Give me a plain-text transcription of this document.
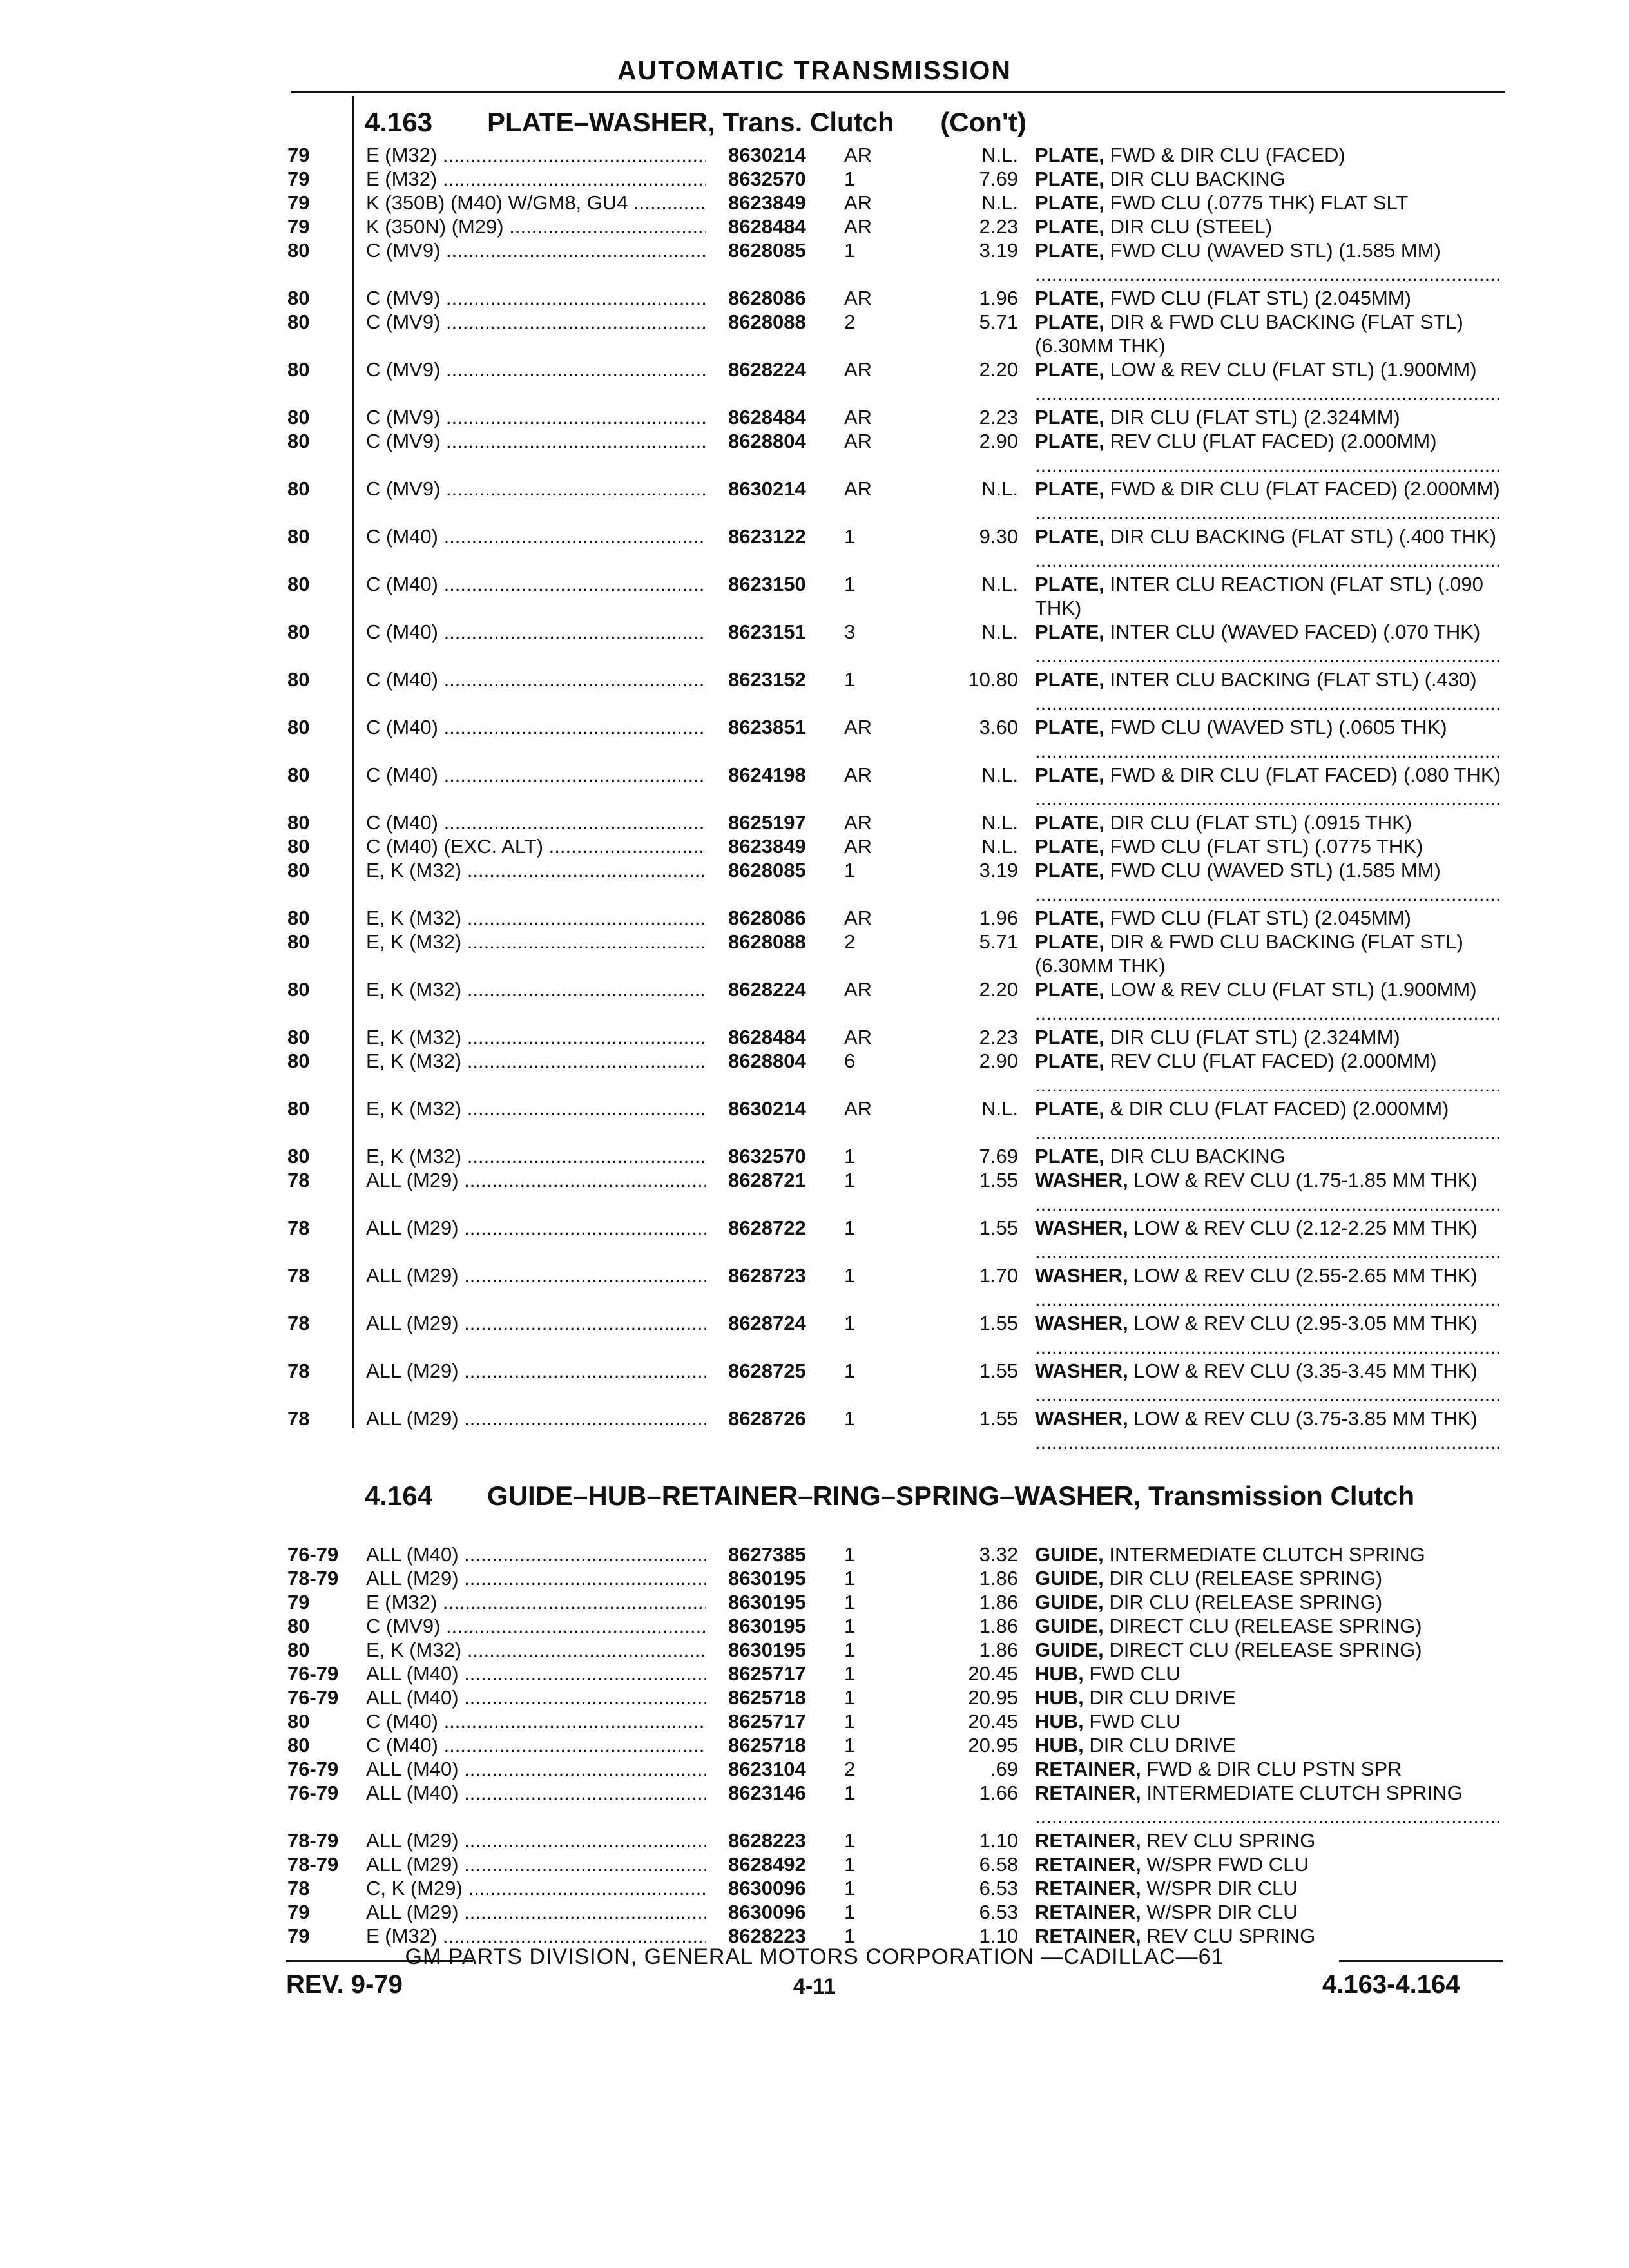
AUTOMATIC TRANSMISSION
4.163 PLATE–WASHER, Trans. Clutch (Con't)
79	E (M32) .....	8630214 AR	N.L. PLATE, FWD & DIR CLU (FACED) .....
79	E (M32) .....	8632570 1	7.69 PLATE, DIR CLU BACKING .....
79	K (350B) (M40) W/GM8, GU4 .....	8623849 AR	N.L. PLATE, FWD CLU (.0775 THK) FLAT SLT .....
79	K (350N) (M29) .....	8628484 AR	2.23 PLATE, DIR CLU (STEEL) .....
80	C (MV9) .....	8628085 1	3.19 PLATE, FWD CLU (WAVED STL) (1.585 MM) .....
80	C (MV9) .....	8628086 AR	1.96 PLATE, FWD CLU (FLAT STL) (2.045MM) .....
80	C (MV9) .....	8628088 2	5.71 PLATE, DIR & FWD CLU BACKING (FLAT STL) (6.30MM THK) .....
80	C (MV9) .....	8628224 AR	2.20 PLATE, LOW & REV CLU (FLAT STL) (1.900MM) .....
80	C (MV9) .....	8628484 AR	2.23 PLATE, DIR CLU (FLAT STL) (2.324MM) .....
80	C (MV9) .....	8628804 AR	2.90 PLATE, REV CLU (FLAT FACED) (2.000MM) .....
80	C (MV9) .....	8630214 AR	N.L. PLATE, FWD & DIR CLU (FLAT FACED) (2.000MM) .....
80	C (M40) .....	8623122 1	9.30 PLATE, DIR CLU BACKING (FLAT STL) (.400 THK) .....
80	C (M40) .....	8623150 1	N.L. PLATE, INTER CLU REACTION (FLAT STL) (.090 THK) .....
80	C (M40) .....	8623151 3	N.L. PLATE, INTER CLU (WAVED FACED) (.070 THK) .....
80	C (M40) .....	8623152 1	10.80 PLATE, INTER CLU BACKING (FLAT STL) (.430) .....
80	C (M40) .....	8623851 AR	3.60 PLATE, FWD CLU (WAVED STL) (.0605 THK) .....
80	C (M40) .....	8624198 AR	N.L. PLATE, FWD & DIR CLU (FLAT FACED) (.080 THK) .....
80	C (M40) .....	8625197 AR	N.L. PLATE, DIR CLU (FLAT STL) (.0915 THK) .....
80	C (M40) (EXC. ALT) .....	8623849 AR	N.L. PLATE, FWD CLU (FLAT STL) (.0775 THK) .....
80	E, K (M32) .....	8628085 1	3.19 PLATE, FWD CLU (WAVED STL) (1.585 MM) .....
80	E, K (M32) .....	8628086 AR	1.96 PLATE, FWD CLU (FLAT STL) (2.045MM) .....
80	E, K (M32) .....	8628088 2	5.71 PLATE, DIR & FWD CLU BACKING (FLAT STL) (6.30MM THK) .....
80	E, K (M32) .....	8628224 AR	2.20 PLATE, LOW & REV CLU (FLAT STL) (1.900MM) .....
80	E, K (M32) .....	8628484 AR	2.23 PLATE, DIR CLU (FLAT STL) (2.324MM) .....
80	E, K (M32) .....	8628804 6	2.90 PLATE, REV CLU (FLAT FACED) (2.000MM) .....
80	E, K (M32) .....	8630214 AR	N.L. PLATE, & DIR CLU (FLAT FACED) (2.000MM) .....
80	E, K (M32) .....	8632570 1	7.69 PLATE, DIR CLU BACKING .....
78	ALL (M29) .....	8628721 1	1.55 WASHER, LOW & REV CLU (1.75-1.85 MM THK) .....
78	ALL (M29) .....	8628722 1	1.55 WASHER, LOW & REV CLU (2.12-2.25 MM THK) .....
78	ALL (M29) .....	8628723 1	1.70 WASHER, LOW & REV CLU (2.55-2.65 MM THK) .....
78	ALL (M29) .....	8628724 1	1.55 WASHER, LOW & REV CLU (2.95-3.05 MM THK) .....
78	ALL (M29) .....	8628725 1	1.55 WASHER, LOW & REV CLU (3.35-3.45 MM THK) .....
78	ALL (M29) .....	8628726 1	1.55 WASHER, LOW & REV CLU (3.75-3.85 MM THK) .....
4.164 GUIDE–HUB–RETAINER–RING–SPRING–WASHER, Transmission Clutch
76-79 ALL (M40) .....	8627385 1	3.32 GUIDE, INTERMEDIATE CLUTCH SPRING .....
78-79 ALL (M29) .....	8630195 1	1.86 GUIDE, DIR CLU (RELEASE SPRING) .....
79	E (M32) .....	8630195 1	1.86 GUIDE, DIR CLU (RELEASE SPRING) .....
80	C (MV9) .....	8630195 1	1.86 GUIDE, DIRECT CLU (RELEASE SPRING) .....
80	E, K (M32) .....	8630195 1	1.86 GUIDE, DIRECT CLU (RELEASE SPRING) .....
76-79 ALL (M40) .....	8625717 1	20.45 HUB, FWD CLU .....
76-79 ALL (M40) .....	8625718 1	20.95 HUB, DIR CLU DRIVE .....
80	C (M40) .....	8625717 1	20.45 HUB, FWD CLU .....
80	C (M40) .....	8625718 1	20.95 HUB, DIR CLU DRIVE .....
76-79 ALL (M40) .....	8623104 2	.69 RETAINER, FWD & DIR CLU PSTN SPR .....
76-79 ALL (M40) .....	8623146 1	1.66 RETAINER, INTERMEDIATE CLUTCH SPRING .....
78-79 ALL (M29) .....	8628223 1	1.10 RETAINER, REV CLU SPRING .....
78-79 ALL (M29) .....	8628492 1	6.58 RETAINER, W/SPR FWD CLU .....
78	C, K (M29) .....	8630096 1	6.53 RETAINER, W/SPR DIR CLU .....
79	ALL (M29) .....	8630096 1	6.53 RETAINER, W/SPR DIR CLU .....
79	E (M32) .....	8628223 1	1.10 RETAINER, REV CLU SPRING .....
GM PARTS DIVISION, GENERAL MOTORS CORPORATION —CADILLAC—61
REV. 9-79	4-11	4.163-4.164
